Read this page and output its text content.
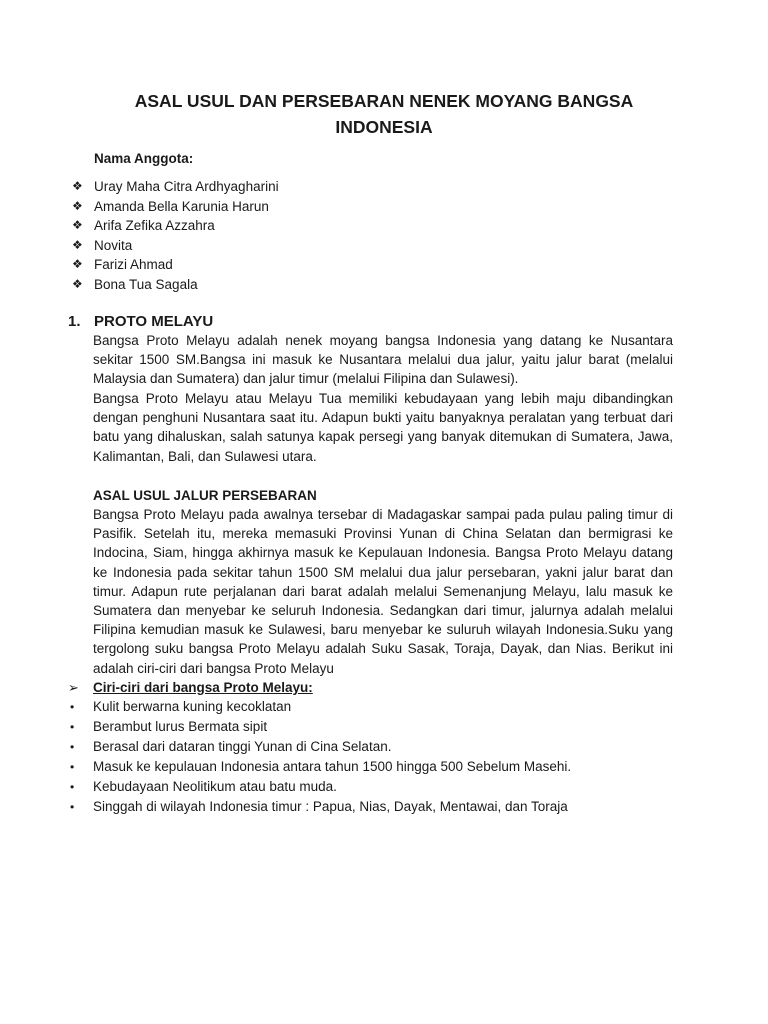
ASAL USUL DAN PERSEBARAN NENEK MOYANG BANGSA
INDONESIA
Nama Anggota:
❖ Uray Maha Citra Ardhyagharini
❖ Amanda Bella Karunia Harun
❖ Arifa Zefika Azzahra
❖ Novita
❖ Farizi Ahmad
❖ Bona Tua Sagala
1. PROTO MELAYU

Bangsa Proto Melayu adalah nenek moyang bangsa Indonesia yang datang ke Nusantara sekitar 1500 SM.Bangsa ini masuk ke Nusantara melalui dua jalur, yaitu jalur barat (melalui Malaysia dan Sumatera) dan jalur timur (melalui Filipina dan Sulawesi).

Bangsa Proto Melayu atau Melayu Tua memiliki kebudayaan yang lebih maju dibandingkan dengan penghuni Nusantara saat itu. Adapun bukti yaitu banyaknya peralatan yang terbuat dari batu yang dihaluskan, salah satunya kapak persegi yang banyak ditemukan di Sumatera, Jawa, Kalimantan, Bali, dan Sulawesi utara.

ASAL USUL JALUR PERSEBARAN

Bangsa Proto Melayu pada awalnya tersebar di Madagaskar sampai pada pulau paling timur di Pasifik. Setelah itu, mereka memasuki Provinsi Yunan di China Selatan dan bermigrasi ke Indocina, Siam, hingga akhirnya masuk ke Kepulauan Indonesia. Bangsa Proto Melayu datang ke Indonesia pada sekitar tahun 1500 SM melalui dua jalur persebaran, yakni jalur barat dan timur. Adapun rute perjalanan dari barat adalah melalui Semenanjung Melayu, lalu masuk ke Sumatera dan menyebar ke seluruh Indonesia. Sedangkan dari timur, jalurnya adalah melalui Filipina kemudian masuk ke Sulawesi, baru menyebar ke suluruh wilayah Indonesia.Suku yang tergolong suku bangsa Proto Melayu adalah Suku Sasak, Toraja, Dayak, dan Nias. Berikut ini adalah ciri-ciri dari bangsa Proto Melayu

➢ Ciri-ciri dari bangsa Proto Melayu:
• Kulit berwarna kuning kecoklatan
• Berambut lurus Bermata sipit
• Berasal dari dataran tinggi Yunan di Cina Selatan.
• Masuk ke kepulauan Indonesia antara tahun 1500 hingga 500 Sebelum Masehi.
• Kebudayaan Neolitikum atau batu muda.
• Singgah di wilayah Indonesia timur : Papua, Nias, Dayak, Mentawai, dan Toraja
